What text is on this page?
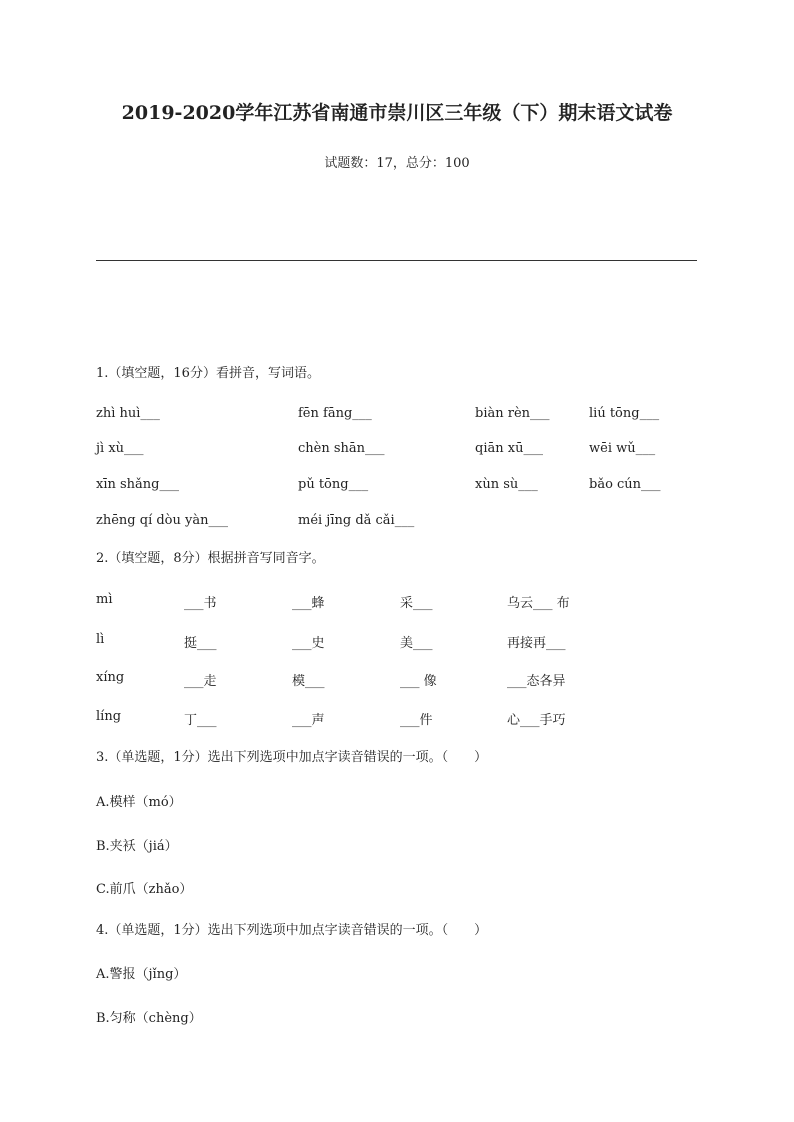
2019-2020学年江苏省南通市崇川区三年级（下）期末语文试卷
试题数：17，总分：100
1.（填空题，16分）看拼音，写词语。
zhì huì___	fēn fāng___	biàn rèn___	liú tōng___
jì xù___	chèn shān___	qiān xū___	wēi wǔ___
xīn shǎng___	pǔ tōng___	xùn sù___	bǎo cún___
zhēng qí dòu yàn___	méi jīng dǎ cǎi___
2.（填空题，8分）根据拼音写同音字。
mì	___书	___蜂	采___	乌云___ 布
lì	挺___	___史	美___	再接再___
xíng	___走	模___	___ 像	___态各异
líng	丁___	___声	___件	心___手巧
3.（单选题，1分）选出下列选项中加点字读音错误的一项。（　　）
A.模样（mó）
B.夹袄（jiá）
C.前爪（zhǎo）
4.（单选题，1分）选出下列选项中加点字读音错误的一项。（　　）
A.警报（jǐng）
B.匀称（chèng）
